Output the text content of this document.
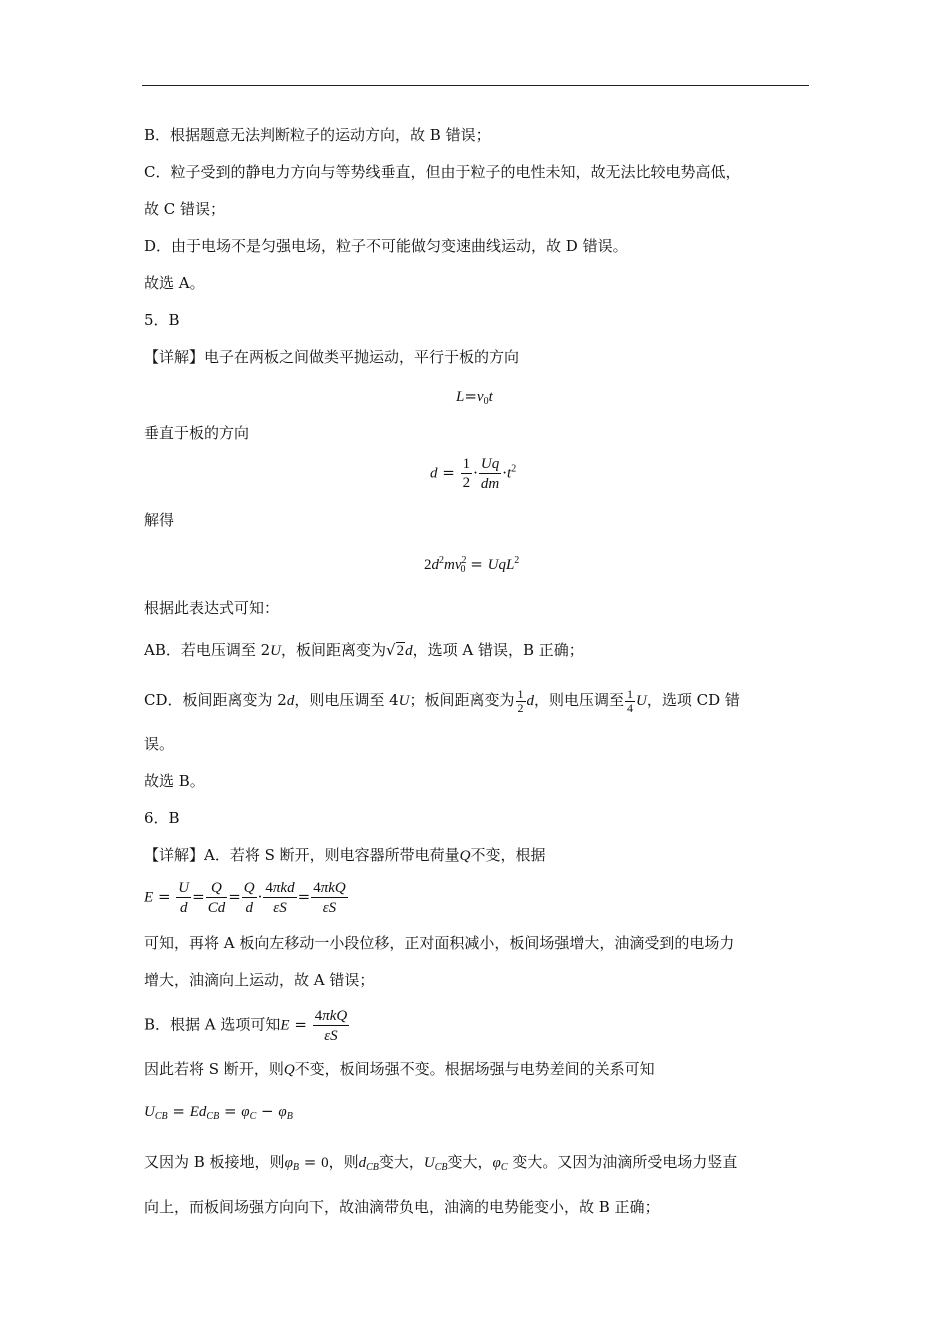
B．根据题意无法判断粒子的运动方向，故 B 错误；
C．粒子受到的静电力方向与等势线垂直，但由于粒子的电性未知，故无法比较电势高低，
故 C 错误；
D．由于电场不是匀强电场，粒子不可能做匀变速曲线运动，故 D 错误。
故选 A。
5．B
【详解】电子在两板之间做类平抛运动，平行于板的方向
$L=v_0t$
垂直于板的方向
$d = \frac{1}{2} \cdot \frac{Uq}{dm} \cdot t^2$
解得
$2d^2mv^2_0 = UqL^2$
根据此表达式可知：
AB．若电压调至 2U，板间距离变为√2d，选项 A 错误，B 正确；
CD．板间距离变为 2d，则电压调至 4U；板间距离变为 $\frac{1}{2}$ d，则电压调至 $\frac{1}{4}$ U，选项 CD 错
误。
故选 B。
6．B
【详解】A．若将 S 断开，则电容器所带电荷量Q不变，根据
$E = \frac{U}{d} = \frac{Q}{Cd} = \frac{Q}{d} \cdot \frac{\text{4πkd}}{\varepsilon S} = \frac{\text{4πkQ}}{\varepsilon S}$
可知，再将 A 板向左移动一小段位移，正对面积减小，板间场强增大，油滴受到的电场力
增大，油滴向上运动，故 A 错误；
B．根据 A 选项可知$E = \frac{\text{4πkQ}}{\varepsilon S}$
因此若将 S 断开，则Q不变，板间场强不变。根据场强与电势差间的关系可知
$U_{CB} = Ed_{CB} = \varphi_C - \varphi_B$
又因为 B 板接地，则$\varphi_B = 0$，则$d_{CB}$变大，$U_{CB}$变大，$\varphi_C$ 变大。又因为油滴所受电场力竖直
向上，而板间场强方向向下，故油滴带负电，油滴的电势能变小，故 B 正确；
